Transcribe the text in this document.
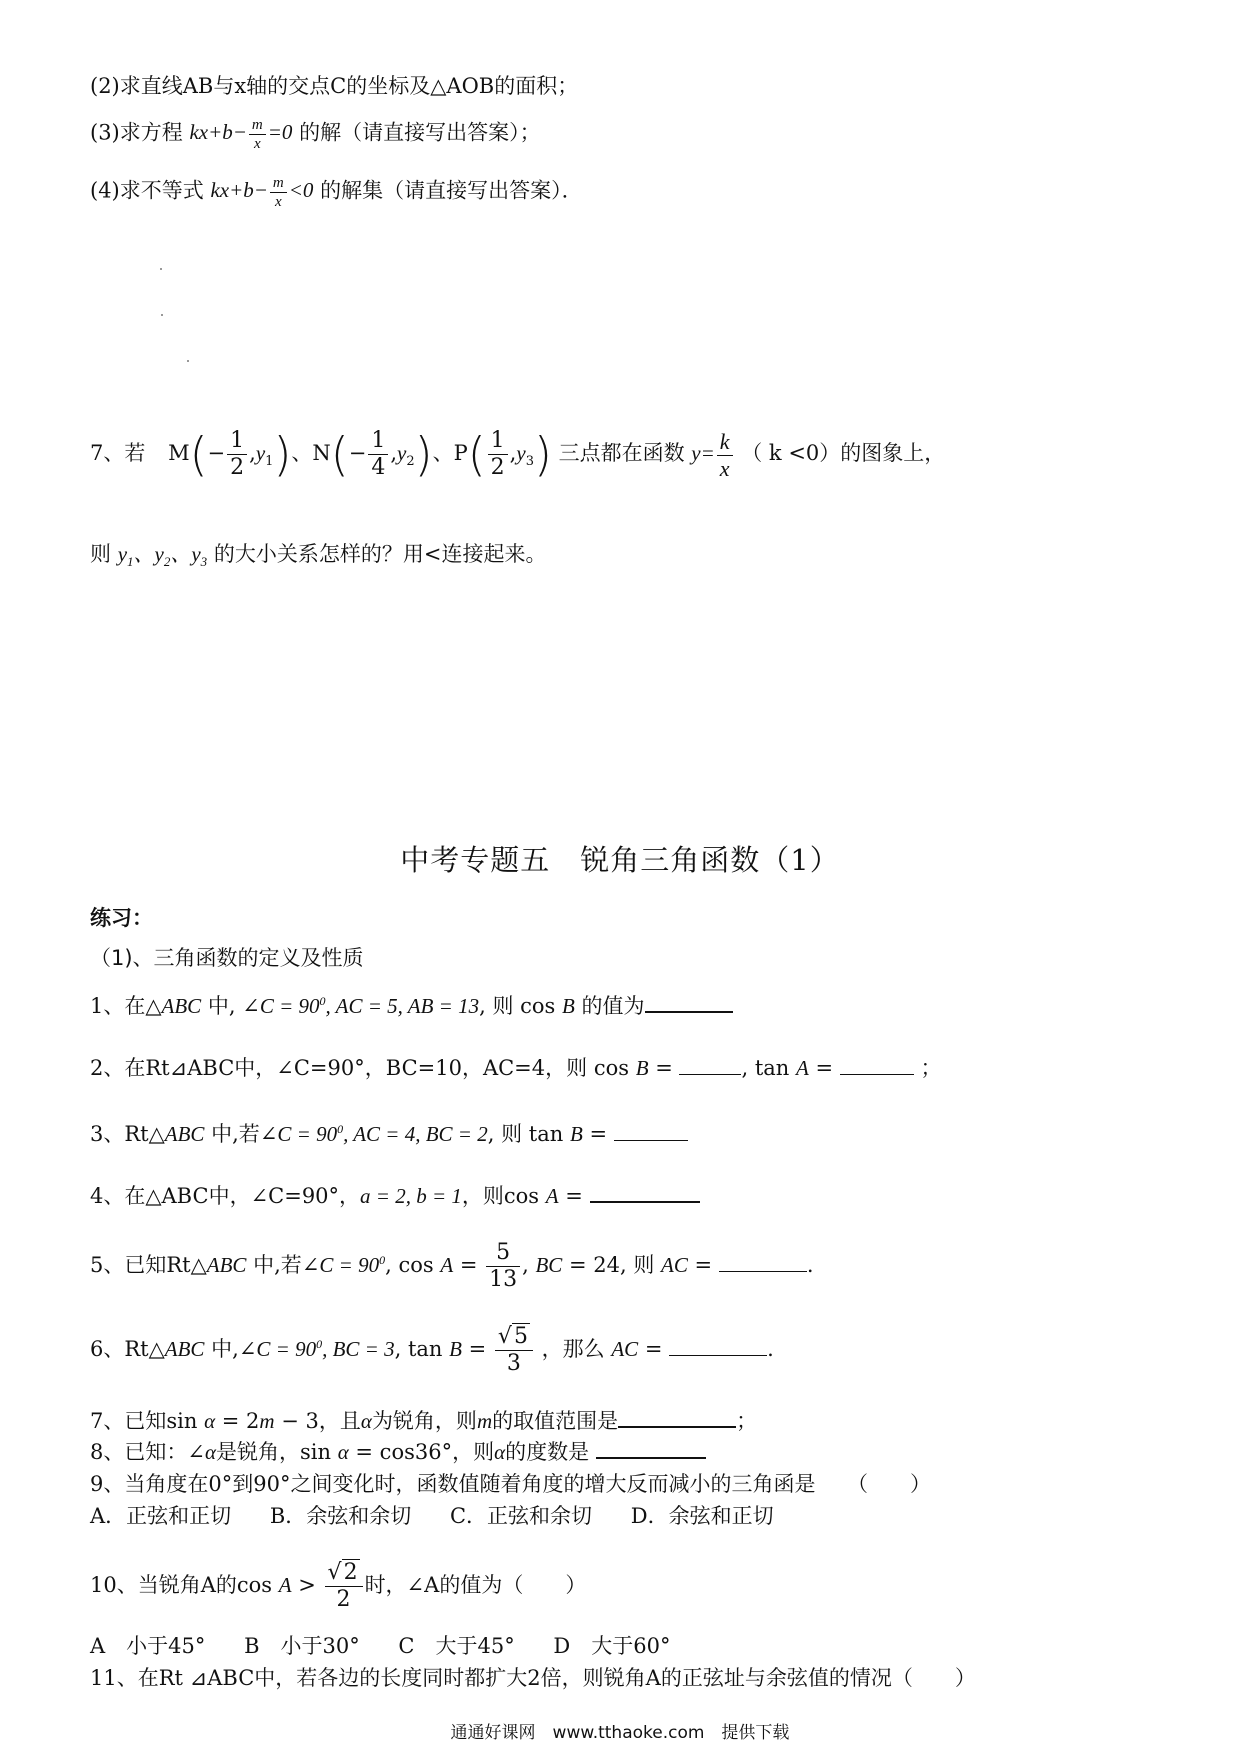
(2)求直线AB与x轴的交点C的坐标及△AOB的面积；
(3)求方程 $kx+b- \frac{m}{x} =0$ 的解（请直接写出答案）；
(4)求不等式 $kx+b- \frac{m}{x} <0$ 的解集（请直接写出答案）．
7、若 $M(- \frac{1}{2} ,y_1)$、$N(- \frac{1}{4} ,y_2)$、$P( \frac{1}{2} ,y_3)$ 三点都在函数 $y= \frac{k}{x}$ （ k <0）的图象上，
则 $y_1$、$y_2$、$y_3$ 的大小关系怎样的？用<连接起来。
中考专题五　锐角三角函数（1）
练习：
（1)、三角函数的定义及性质
1、在△ABC 中, ∠C = $90^0$, AC = 5, AB = 13, 则 cos B 的值为
2、在Rt⊿ABC中，∠C=90°，BC=10，AC=4，则 cos B =	, tan A =	；
3、Rt△ABC 中,若∠C = $90^0$, AC = 4, BC = 2, 则 tan B =
4、在△ABC中，∠C=90°，a = 2, b = 1，则cos A =
5、已知Rt△ABC 中,若∠C = $90^0$, $\cos A = \frac{5}{13}$ , BC = 24, 则 AC =	.
6、Rt△ABC 中,∠C = $90^0$, BC = 3, $\tan B = \frac{√5}{3}$ ，那么 AC =	.
7、已知sin α = 2m − 3，且α为锐角，则m的取值范围是	；
8、已知：∠α是锐角，sin α = cos36°，则α的度数是
9、当角度在0°到90°之间变化时，函数值随着角度的增大反而减小的三角函是　　（　　）
A．正弦和正切 B．余弦和余切 C．正弦和余切 D．余弦和正切
10、当锐角A的$\cos A > \frac{√2}{2}$ 时，∠A的值为（　　）
A　小于45° B　小于30° C　大于45° D　大于60°
11、在Rt ⊿ABC中，若各边的长度同时都扩大2倍，则锐角A的正弦址与余弦值的情况（　　）
通通好课网　www.tthaoke.com　提供下载
